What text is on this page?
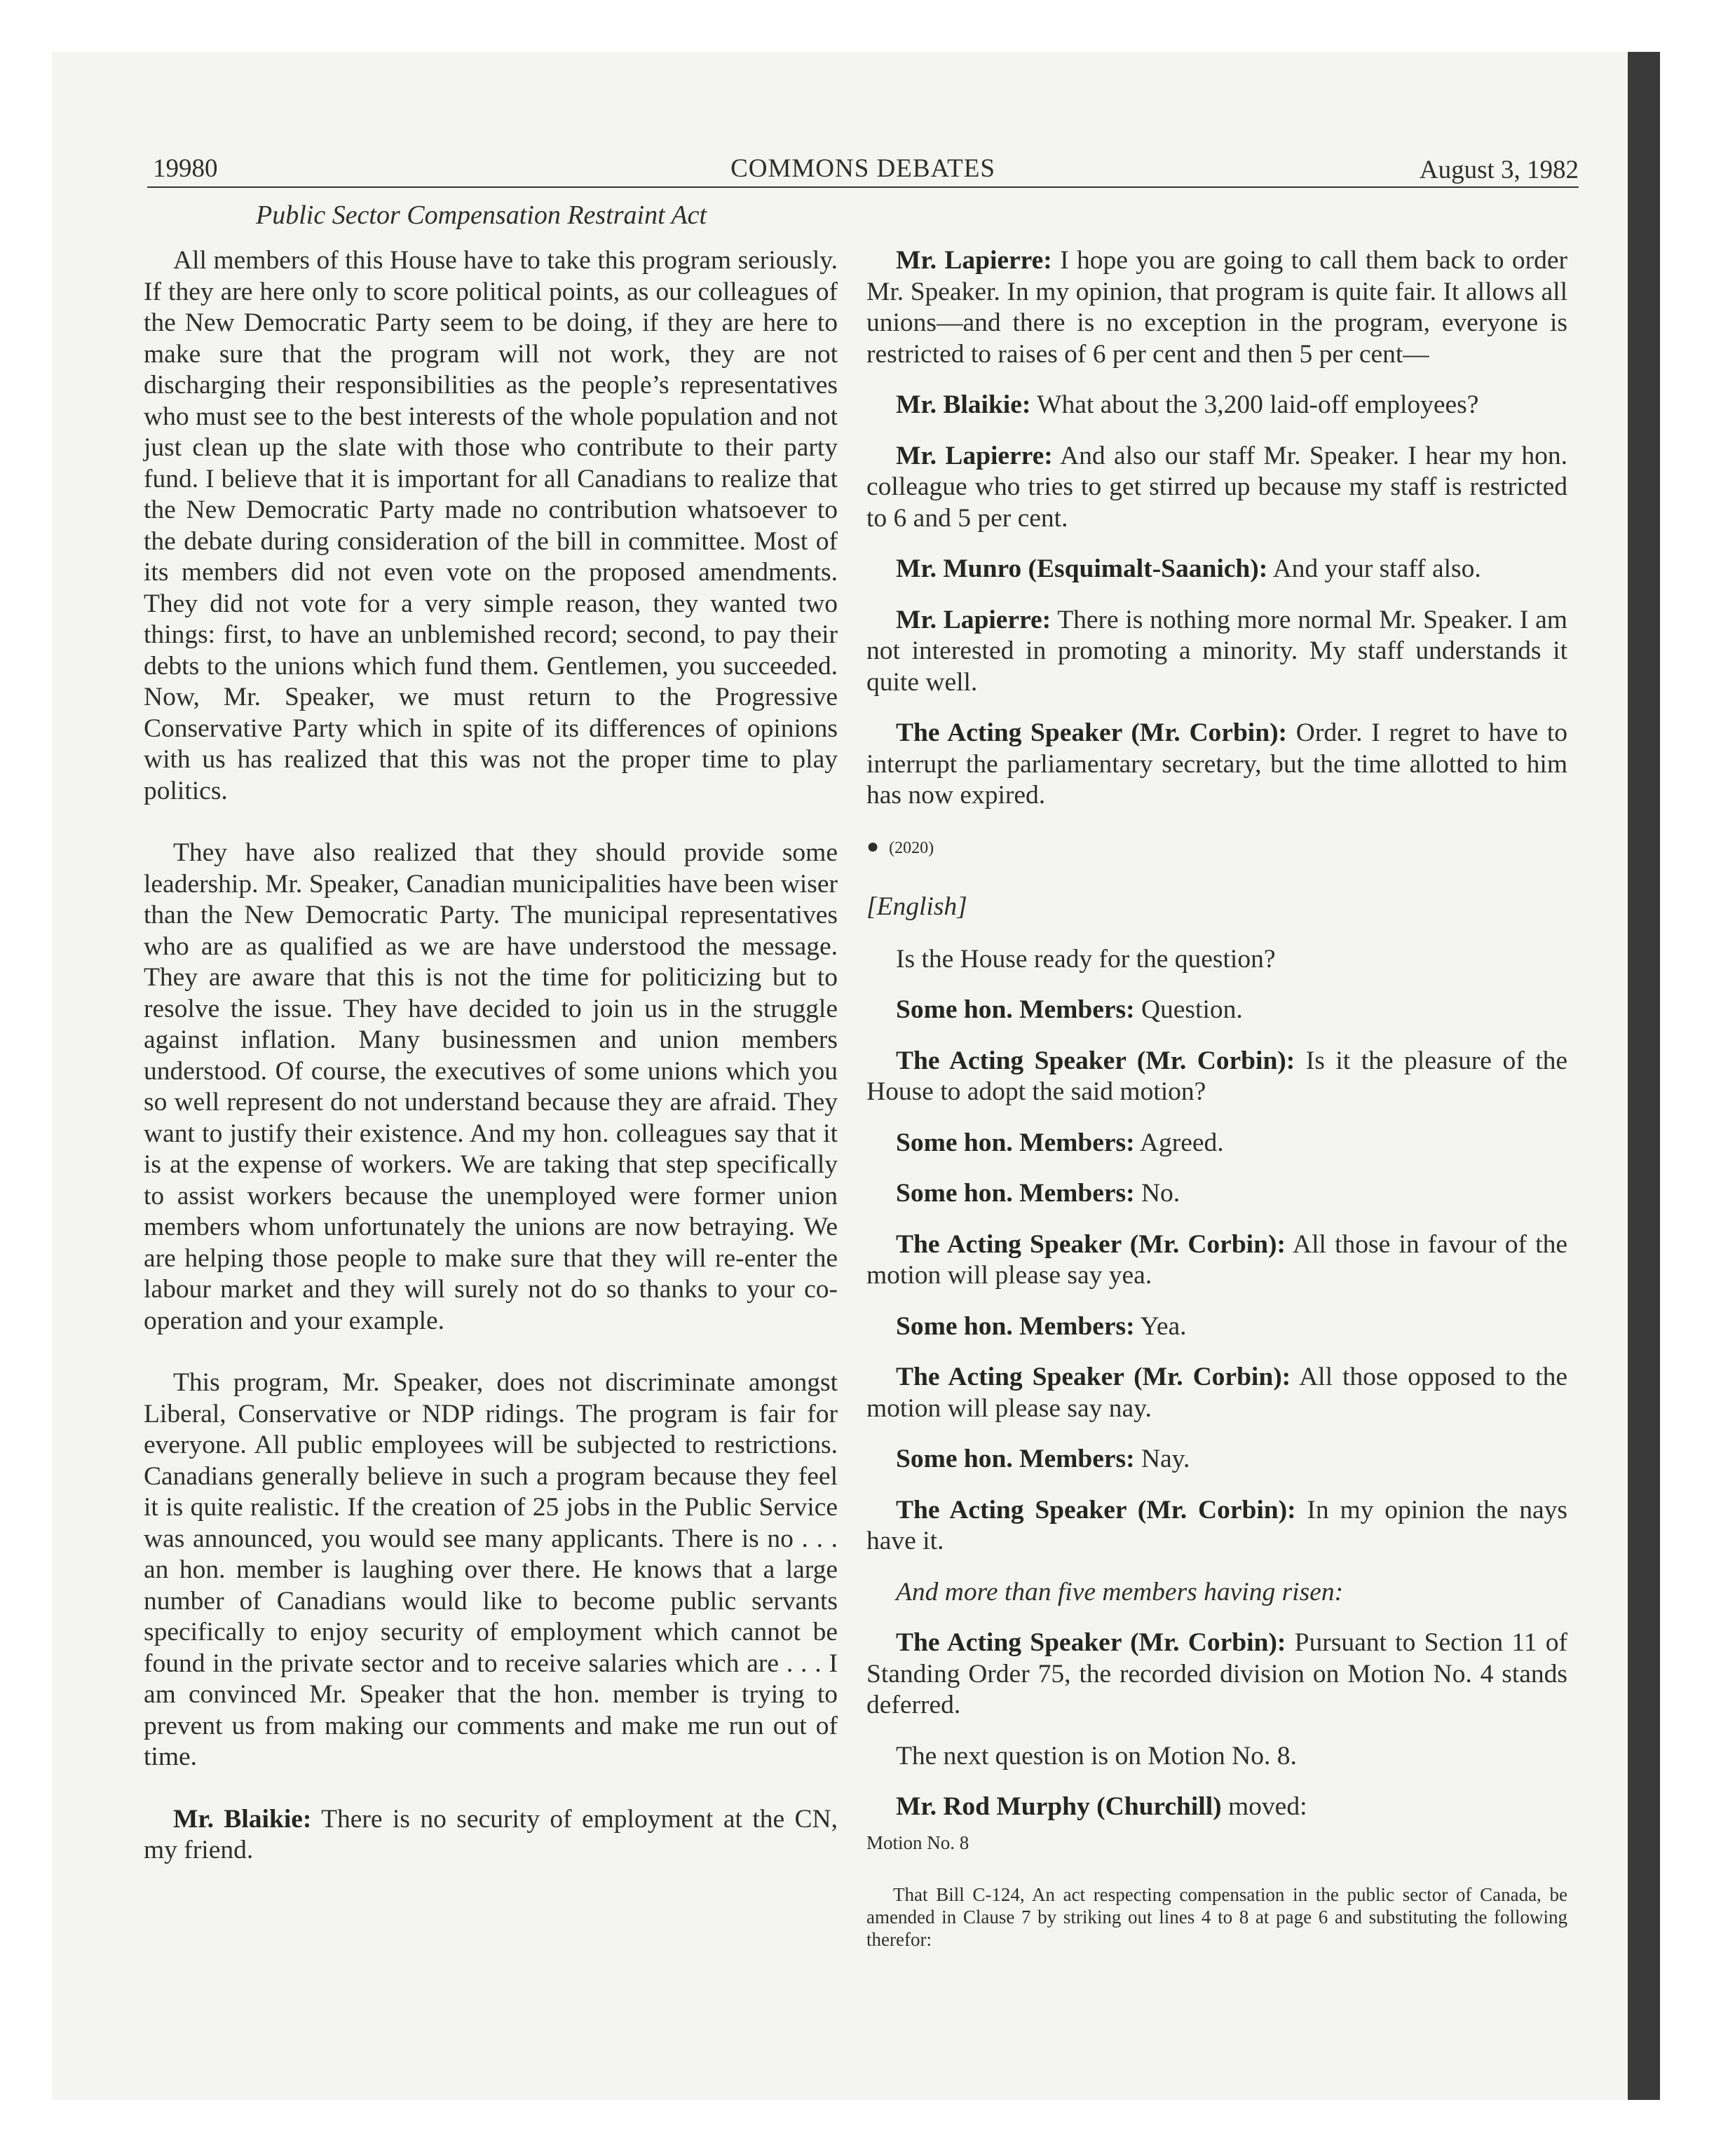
19980	COMMONS DEBATES	August 3, 1982
Public Sector Compensation Restraint Act

All members of this House have to take this program seriously. If they are here only to score political points, as our colleagues of the New Democratic Party seem to be doing, if they are here to make sure that the program will not work, they are not discharging their responsibilities as the people’s representatives who must see to the best interests of the whole population and not just clean up the slate with those who contribute to their party fund. I believe that it is important for all Canadians to realize that the New Democratic Party made no contribution whatsoever to the debate during consideration of the bill in committee. Most of its members did not even vote on the proposed amendments. They did not vote for a very simple reason, they wanted two things: first, to have an unblemished record; second, to pay their debts to the unions which fund them. Gentlemen, you succeeded. Now, Mr. Speaker, we must return to the Progressive Conservative Party which in spite of its differences of opinions with us has realized that this was not the proper time to play politics.

They have also realized that they should provide some leadership. Mr. Speaker, Canadian municipalities have been wiser than the New Democratic Party. The municipal representatives who are as qualified as we are have understood the message. They are aware that this is not the time for politicizing but to resolve the issue. They have decided to join us in the struggle against inflation. Many businessmen and union members understood. Of course, the executives of some unions which you so well represent do not understand because they are afraid. They want to justify their existence. And my hon. colleagues say that it is at the expense of workers. We are taking that step specifically to assist workers because the unemployed were former union members whom unfortunately the unions are now betraying. We are helping those people to make sure that they will re-enter the labour market and they will surely not do so thanks to your co-operation and your example.

This program, Mr. Speaker, does not discriminate amongst Liberal, Conservative or NDP ridings. The program is fair for everyone. All public employees will be subjected to restrictions. Canadians generally believe in such a program because they feel it is quite realistic. If the creation of 25 jobs in the Public Service was announced, you would see many applicants. There is no . . . an hon. member is laughing over there. He knows that a large number of Canadians would like to become public servants specifically to enjoy security of employment which cannot be found in the private sector and to receive salaries which are . . . I am convinced Mr. Speaker that the hon. member is trying to prevent us from making our comments and make me run out of time.

Mr. Blaikie: There is no security of employment at the CN, my friend.

Mr. Lapierre: I hope you are going to call them back to order Mr. Speaker. In my opinion, that program is quite fair. It allows all unions—and there is no exception in the program, everyone is restricted to raises of 6 per cent and then 5 per cent—

Mr. Blaikie: What about the 3,200 laid-off employees?

Mr. Lapierre: And also our staff Mr. Speaker. I hear my hon. colleague who tries to get stirred up because my staff is restricted to 6 and 5 per cent.

Mr. Munro (Esquimalt-Saanich): And your staff also.

Mr. Lapierre: There is nothing more normal Mr. Speaker. I am not interested in promoting a minority. My staff understands it quite well.

The Acting Speaker (Mr. Corbin): Order. I regret to have to interrupt the parliamentary secretary, but the time allotted to him has now expired.

● (2020)

[English]

Is the House ready for the question?

Some hon. Members: Question.

The Acting Speaker (Mr. Corbin): Is it the pleasure of the House to adopt the said motion?

Some hon. Members: Agreed.

Some hon. Members: No.

The Acting Speaker (Mr. Corbin): All those in favour of the motion will please say yea.

Some hon. Members: Yea.

The Acting Speaker (Mr. Corbin): All those opposed to the motion will please say nay.

Some hon. Members: Nay.

The Acting Speaker (Mr. Corbin): In my opinion the nays have it.

And more than five members having risen:

The Acting Speaker (Mr. Corbin): Pursuant to Section 11 of Standing Order 75, the recorded division on Motion No. 4 stands deferred.

The next question is on Motion No. 8.

Mr. Rod Murphy (Churchill) moved:

Motion No. 8

That Bill C-124, An act respecting compensation in the public sector of Canada, be amended in Clause 7 by striking out lines 4 to 8 at page 6 and substituting the following therefor:
